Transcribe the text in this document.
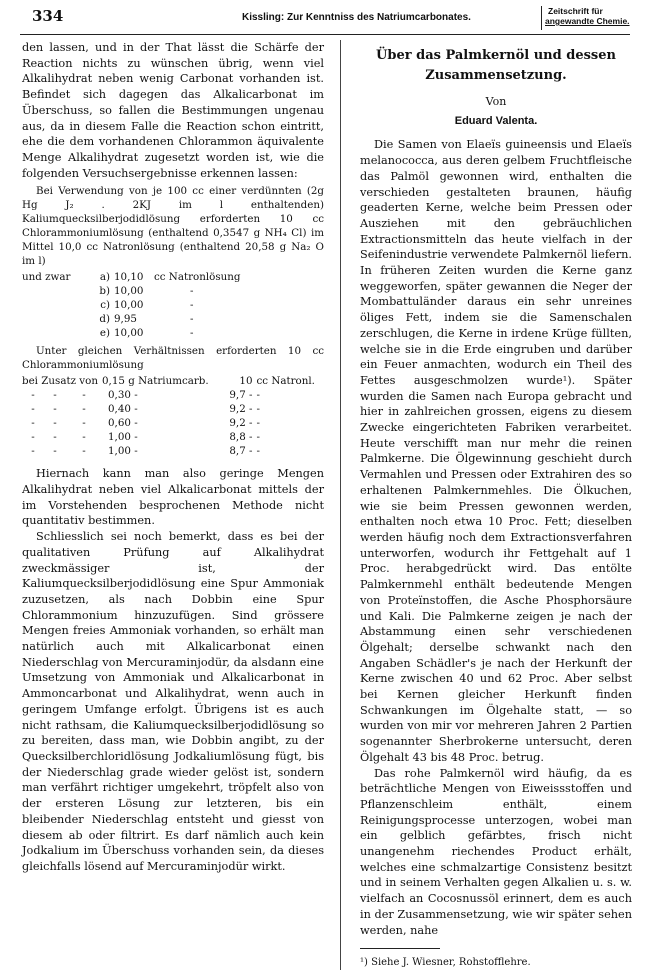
334	Kissling: Zur Kenntniss des Natriumcarbonates.
Zeitschrift für
angewandte Chemie.

den lassen, und in der That lässt die Schärfe der Reaction nichts zu wünschen übrig, wenn viel Alkalihydrat neben wenig Carbonat vorhanden ist. Befindet sich dagegen das Alkalicarbonat im Überschuss, so fallen die Bestimmungen ungenau aus, da in diesem Falle die Reaction schon eintritt, ehe die dem vorhandenen Chlorammon äquivalente Menge Alkalihydrat zugesetzt worden ist, wie die folgenden Versuchsergebnisse erkennen lassen:

Bei Verwendung von je 100 cc einer verdünnten (2g Hg J₂ . 2KJ im l enthaltenden) Kaliumquecksilberjodidlösung erforderten 10 cc Chlorammoniumlösung (enthaltend 0,3547 g NH₄ Cl) im Mittel 10,0 cc Natronlösung (enthaltend 20,58 g Na₂ O im l)

und zwar	a) 10,10	cc Natronlösung
b) 10,00	-
c) 10,00	-
d) 9,95	-
e) 10,00	-

Unter gleichen Verhältnissen erforderten 10 cc Chlorammoniumlösung

bei Zusatz von			0,15 g Natriumcarb.	10	cc Natronl.
-	-	-	0,30 -	9,7 -	-
-	-	-	0,40 -	9,2 -	-
-	-	-	0,60 -	9,2 -	-
-	-	-	1,00 -	8,8 -	-
-	-	-	1,00 -	8,7 -	-

Hiernach kann man also geringe Mengen Alkalihydrat neben viel Alkalicarbonat mittels der im Vorstehenden besprochenen Methode nicht quantitativ bestimmen.

Schliesslich sei noch bemerkt, dass es bei der qualitativen Prüfung auf Alkalihydrat zweckmässiger ist, der Kaliumquecksilberjodidlösung eine Spur Ammoniak zuzusetzen, als nach Dobbin eine Spur Chlorammonium hinzuzufügen. Sind grössere Mengen freies Ammoniak vorhanden, so erhält man natürlich auch mit Alkalicarbonat einen Niederschlag von Mercuraminjodür, da alsdann eine Umsetzung von Ammoniak und Alkalicarbonat in Ammoncarbonat und Alkalihydrat, wenn auch in geringem Umfange erfolgt. Übrigens ist es auch nicht rathsam, die Kaliumquecksilberjodidlösung so zu bereiten, dass man, wie Dobbin angibt, zu der Quecksilberchloridlösung Jodkaliumlösung fügt, bis der Niederschlag grade wieder gelöst ist, sondern man verfährt richtiger umgekehrt, tröpfelt also von der ersteren Lösung zur letzteren, bis ein bleibender Niederschlag entsteht und giesst von diesem ab oder filtrirt. Es darf nämlich auch kein Jodkalium im Überschuss vorhanden sein, da dieses gleichfalls lösend auf Mercuraminjodür wirkt.

Über das Palmkernöl und dessen Zusammensetzung.
Von
Eduard Valenta.

Die Samen von Elaeïs guineensis und Elaeïs melanococca, aus deren gelbem Fruchtfleische das Palmöl gewonnen wird, enthalten die verschieden gestalteten braunen, häufig geaderten Kerne, welche beim Pressen oder Ausziehen mit den gebräuchlichen Extractionsmitteln das heute vielfach in der Seifenindustrie verwendete Palmkernöl liefern. In früheren Zeiten wurden die Kerne ganz weggeworfen, später gewannen die Neger der Mombattuländer daraus ein sehr unreines öliges Fett, indem sie die Samenschalen zerschlugen, die Kerne in irdene Krüge füllten, welche sie in die Erde eingruben und darüber ein Feuer anmachten, wodurch ein Theil des Fettes ausgeschmolzen wurde¹). Später wurden die Samen nach Europa gebracht und hier in zahlreichen grossen, eigens zu diesem Zwecke eingerichteten Fabriken verarbeitet. Heute verschifft man nur mehr die reinen Palmkerne. Die Ölgewinnung geschieht durch Vermahlen und Pressen oder Extrahiren des so erhaltenen Palmkernmehles. Die Ölkuchen, wie sie beim Pressen gewonnen werden, enthalten noch etwa 10 Proc. Fett; dieselben werden häufig noch dem Extractionsverfahren unterworfen, wodurch ihr Fettgehalt auf 1 Proc. herabgedrückt wird. Das entölte Palmkernmehl enthält bedeutende Mengen von Proteïnstoffen, die Asche Phosphorsäure und Kali. Die Palmkerne zeigen je nach der Abstammung einen sehr verschiedenen Ölgehalt; derselbe schwankt nach den Angaben Schädler's je nach der Herkunft der Kerne zwischen 40 und 62 Proc. Aber selbst bei Kernen gleicher Herkunft finden Schwankungen im Ölgehalte statt, — so wurden von mir vor mehreren Jahren 2 Partien sogenannter Sherbrokerne untersucht, deren Ölgehalt 43 bis 48 Proc. betrug.

Das rohe Palmkernöl wird häufig, da es beträchtliche Mengen von Eiweissstoffen und Pflanzenschleim enthält, einem Reinigungsprocesse unterzogen, wobei man ein gelblich gefärbtes, frisch nicht unangenehm riechendes Product erhält, welches eine schmalzartige Consistenz besitzt und in seinem Verhalten gegen Alkalien u. s. w. vielfach an Cocosnussöl erinnert, dem es auch in der Zusammensetzung, wie wir später sehen werden, nahe

¹) Siehe J. Wiesner, Rohstofflehre.
